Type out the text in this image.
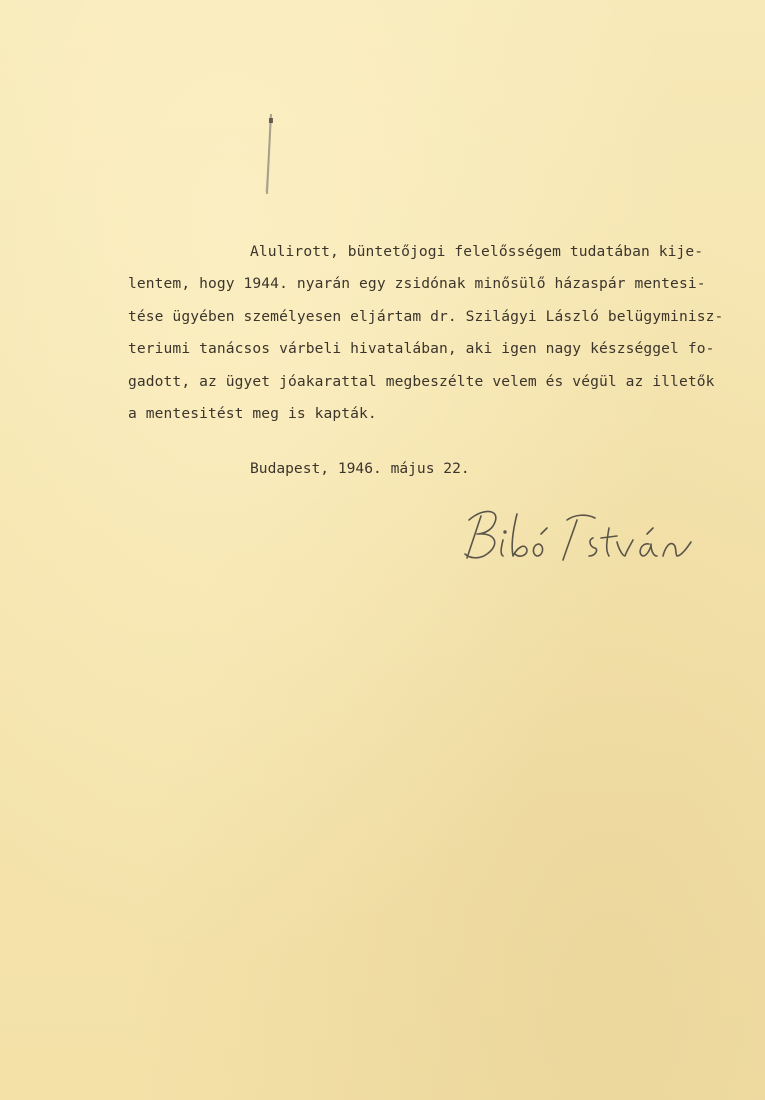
Alulirott, büntetőjogi felelősségem tudatában kije-
lentem, hogy 1944. nyarán egy zsidónak minősülő házaspár mentesi-
tése ügyében személyesen eljártam dr. Szilágyi László belügyminisz-
teriumi tanácsos várbeli hivatalában, aki igen nagy készséggel fo-
gadott, az ügyet jóakarattal megbeszélte velem és végül az illetők
a mentesitést meg is kapták.
Budapest, 1946. május 22.
